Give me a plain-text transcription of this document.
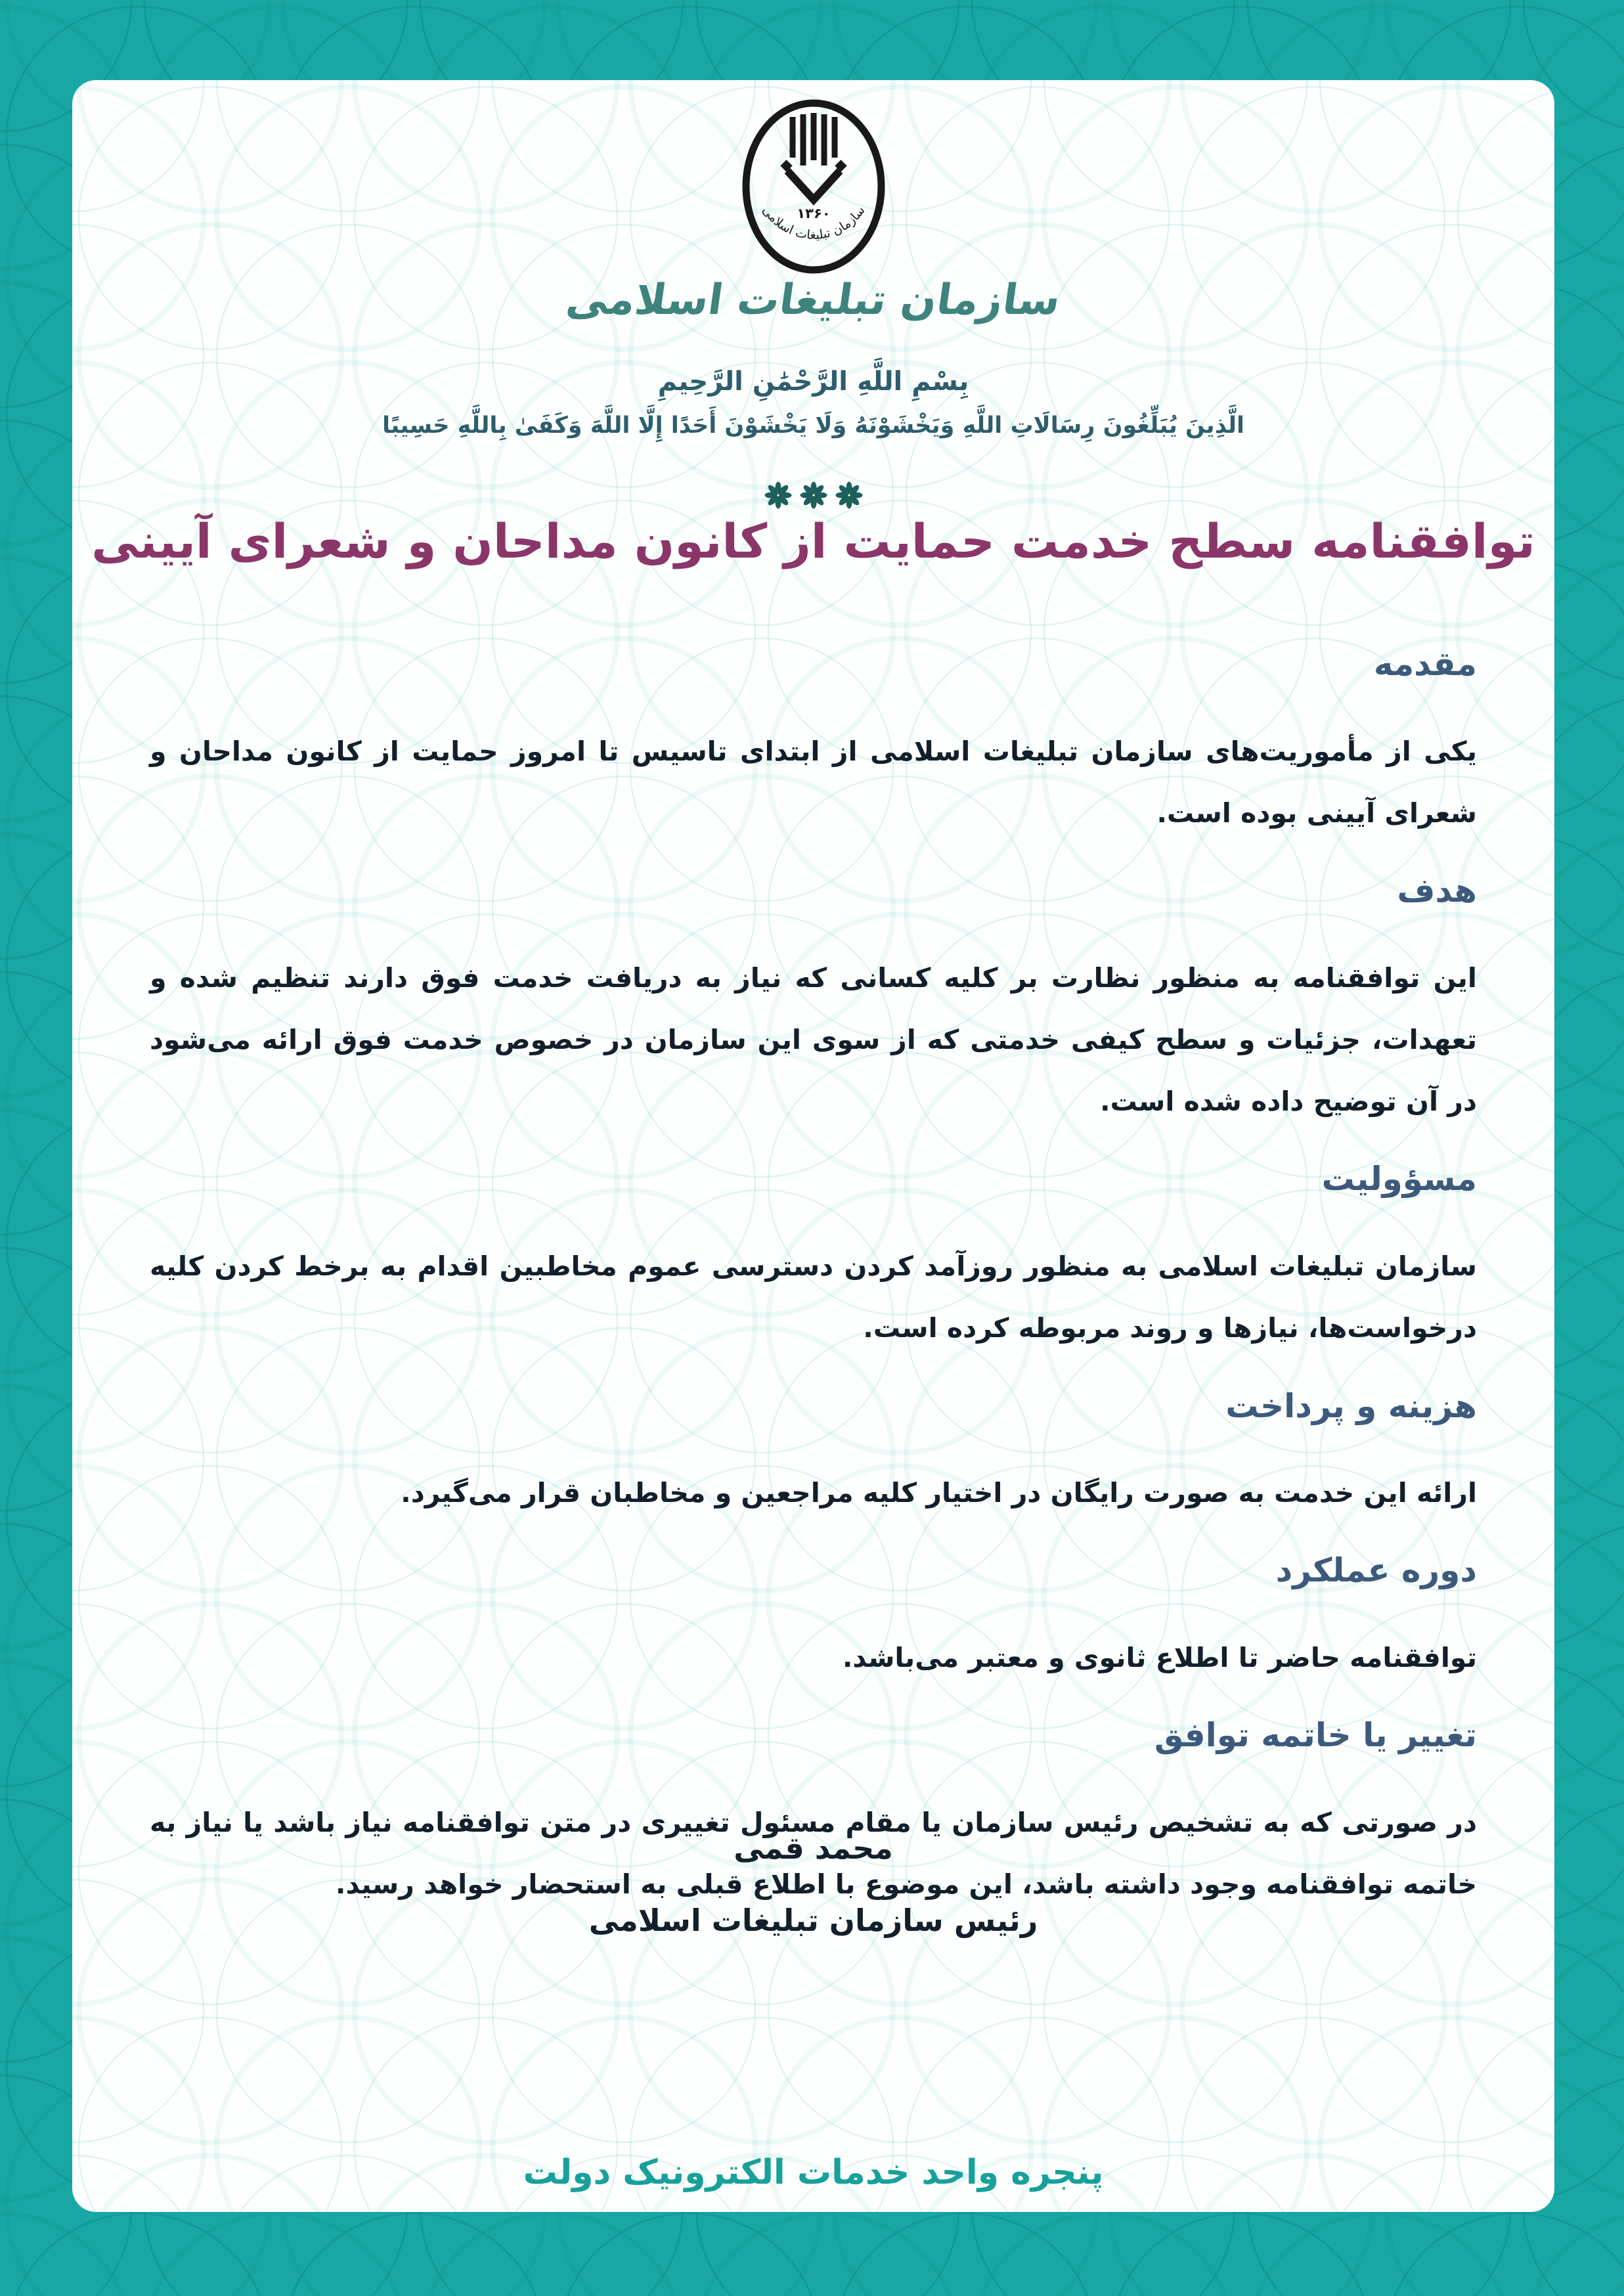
۱۳۶۰
سازمان تبلیغات اسلامی
سازمان تبلیغات اسلامی
بِسْمِ اللَّهِ الرَّحْمَٰنِ الرَّحِيمِ
الَّذِينَ يُبَلِّغُونَ رِسَالَاتِ اللَّهِ وَيَخْشَوْنَهُ وَلَا يَخْشَوْنَ أَحَدًا إِلَّا اللَّهَ وَكَفَىٰ بِاللَّهِ حَسِيبًا
توافقنامه سطح خدمت حمایت از کانون مداحان و شعرای آیینی
مقدمه

یکی از مأموریت‌های سازمان تبلیغات اسلامی از ابتدای تاسیس تا امروز حمایت از کانون مداحان و شعرای آیینی بوده است.

هدف

این توافقنامه به منظور نظارت بر کلیه کسانی که نیاز به دریافت خدمت فوق دارند تنظیم شده و تعهدات، جزئیات و سطح کیفی خدمتی که از سوی این سازمان در خصوص خدمت فوق ارائه می‌شود در آن توضیح داده شده است.

مسؤولیت

سازمان تبلیغات اسلامی به منظور روزآمد کردن دسترسی عموم مخاطبین اقدام به برخط کردن کلیه درخواست‌ها، نیازها و روند مربوطه کرده است.

هزینه و پرداخت

ارائه این خدمت به صورت رایگان در اختیار کلیه مراجعین و مخاطبان قرار می‌گیرد.

دوره عملکرد

توافقنامه حاضر تا اطلاع ثانوی و معتبر می‌باشد.

تغییر یا خاتمه توافق

در صورتی که به تشخیص رئیس سازمان یا مقام مسئول تغییری در متن توافقنامه نیاز باشد یا نیاز به خاتمه توافقنامه وجود داشته باشد، این موضوع با اطلاع قبلی به استحضار خواهد رسید.

محمد قمی

رئیس سازمان تبلیغات اسلامی

پنجره واحد خدمات الکترونیک دولت
